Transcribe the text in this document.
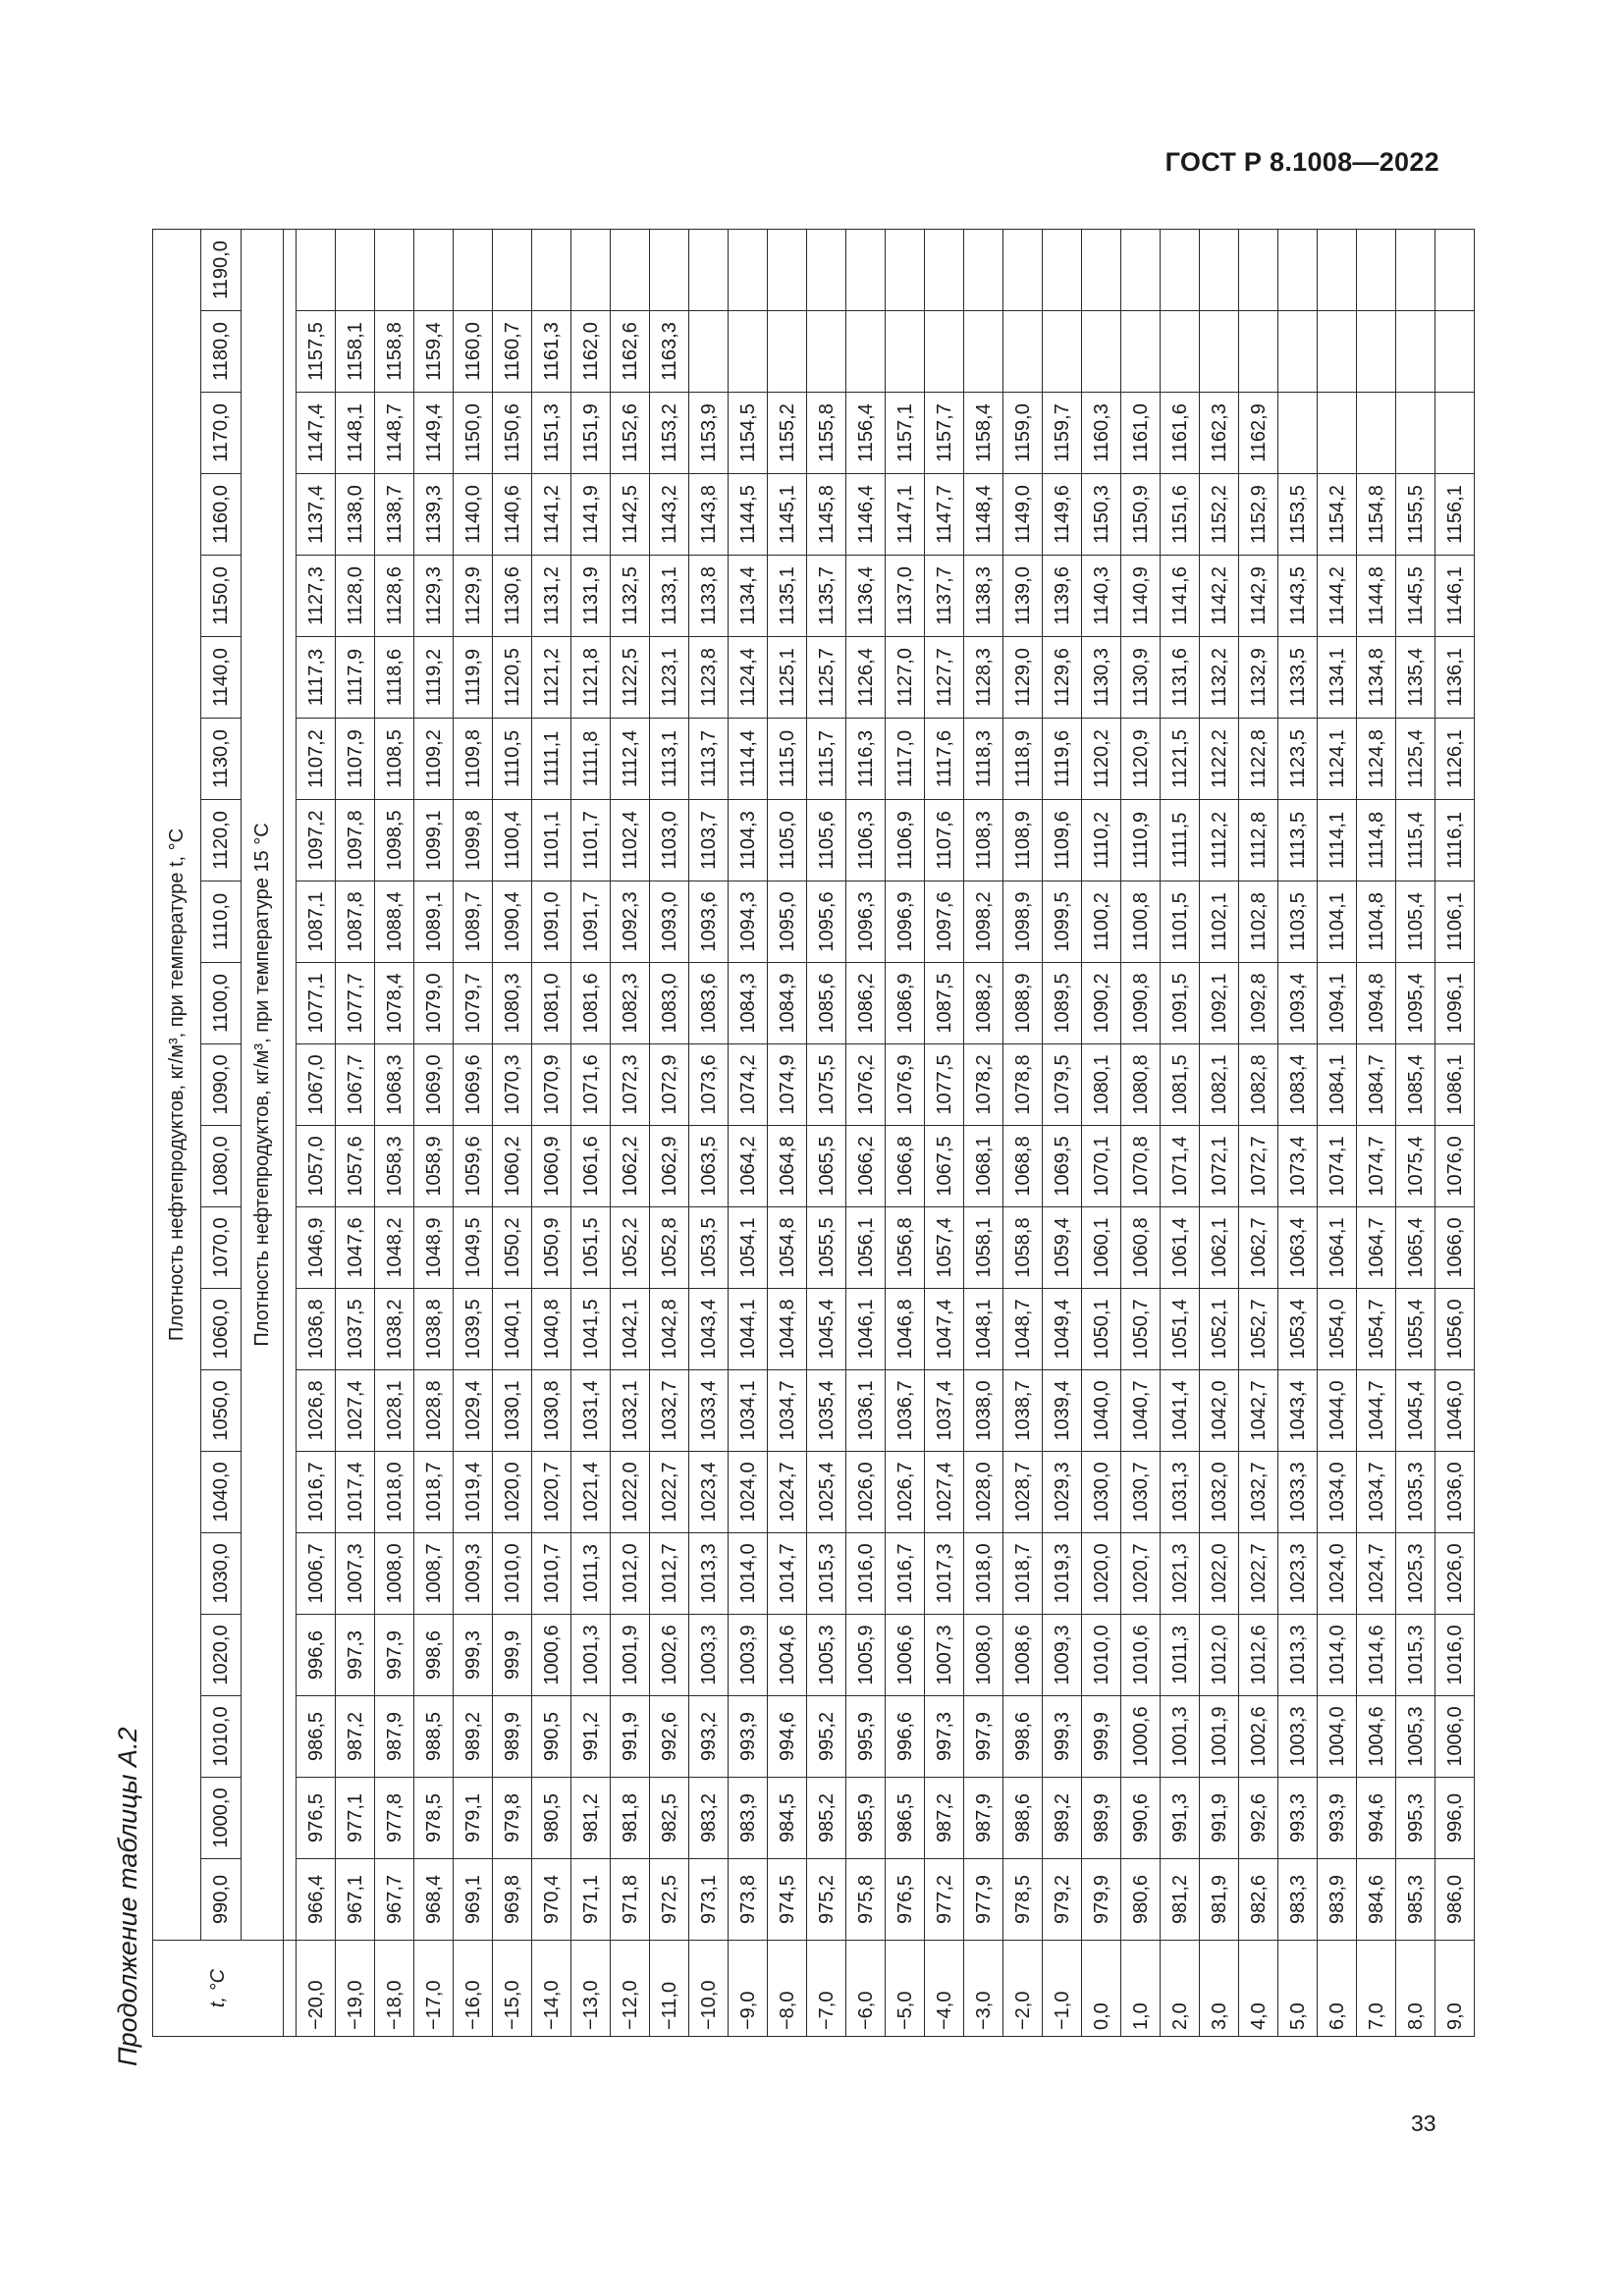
ГОСТ Р 8.1008—2022
33
Продолжение таблицы А.2	t, °C	Плотность нефтепродуктов, кг/м³, при температуре t, °C																				
	990,0	1000,0	1010,0	1020,0	1030,0	1040,0	1050,0	1060,0	1070,0	1080,0	1090,0	1100,0	1110,0	1120,0	1130,0	1140,0	1150,0	1160,0	1170,0	1180,0	1190,0
	Плотность нефтепродуктов, кг/м³, при температуре 15 °C																				

−20,0	966,4	976,5	986,5	996,6	1006,7	1016,7	1026,8	1036,8	1046,9	1057,0	1067,0	1077,1	1087,1	1097,2	1107,2	1117,3	1127,3	1137,4	1147,4	1157,5	
−19,0	967,1	977,1	987,2	997,3	1007,3	1017,4	1027,4	1037,5	1047,6	1057,6	1067,7	1077,7	1087,8	1097,8	1107,9	1117,9	1128,0	1138,0	1148,1	1158,1	
−18,0	967,7	977,8	987,9	997,9	1008,0	1018,0	1028,1	1038,2	1048,2	1058,3	1068,3	1078,4	1088,4	1098,5	1108,5	1118,6	1128,6	1138,7	1148,7	1158,8	
−17,0	968,4	978,5	988,5	998,6	1008,7	1018,7	1028,8	1038,8	1048,9	1058,9	1069,0	1079,0	1089,1	1099,1	1109,2	1119,2	1129,3	1139,3	1149,4	1159,4	
−16,0	969,1	979,1	989,2	999,3	1009,3	1019,4	1029,4	1039,5	1049,5	1059,6	1069,6	1079,7	1089,7	1099,8	1109,8	1119,9	1129,9	1140,0	1150,0	1160,0	
−15,0	969,8	979,8	989,9	999,9	1010,0	1020,0	1030,1	1040,1	1050,2	1060,2	1070,3	1080,3	1090,4	1100,4	1110,5	1120,5	1130,6	1140,6	1150,6	1160,7	
−14,0	970,4	980,5	990,5	1000,6	1010,7	1020,7	1030,8	1040,8	1050,9	1060,9	1070,9	1081,0	1091,0	1101,1	1111,1	1121,2	1131,2	1141,2	1151,3	1161,3	
−13,0	971,1	981,2	991,2	1001,3	1011,3	1021,4	1031,4	1041,5	1051,5	1061,6	1071,6	1081,6	1091,7	1101,7	1111,8	1121,8	1131,9	1141,9	1151,9	1162,0	
−12,0	971,8	981,8	991,9	1001,9	1012,0	1022,0	1032,1	1042,1	1052,2	1062,2	1072,3	1082,3	1092,3	1102,4	1112,4	1122,5	1132,5	1142,5	1152,6	1162,6	
−11,0	972,5	982,5	992,6	1002,6	1012,7	1022,7	1032,7	1042,8	1052,8	1062,9	1072,9	1083,0	1093,0	1103,0	1113,1	1123,1	1133,1	1143,2	1153,2	1163,3	
−10,0	973,1	983,2	993,2	1003,3	1013,3	1023,4	1033,4	1043,4	1053,5	1063,5	1073,6	1083,6	1093,6	1103,7	1113,7	1123,8	1133,8	1143,8	1153,9		
−9,0	973,8	983,9	993,9	1003,9	1014,0	1024,0	1034,1	1044,1	1054,1	1064,2	1074,2	1084,3	1094,3	1104,3	1114,4	1124,4	1134,4	1144,5	1154,5		
−8,0	974,5	984,5	994,6	1004,6	1014,7	1024,7	1034,7	1044,8	1054,8	1064,8	1074,9	1084,9	1095,0	1105,0	1115,0	1125,1	1135,1	1145,1	1155,2		
−7,0	975,2	985,2	995,2	1005,3	1015,3	1025,4	1035,4	1045,4	1055,5	1065,5	1075,5	1085,6	1095,6	1105,6	1115,7	1125,7	1135,7	1145,8	1155,8		
−6,0	975,8	985,9	995,9	1005,9	1016,0	1026,0	1036,1	1046,1	1056,1	1066,2	1076,2	1086,2	1096,3	1106,3	1116,3	1126,4	1136,4	1146,4	1156,4		
−5,0	976,5	986,5	996,6	1006,6	1016,7	1026,7	1036,7	1046,8	1056,8	1066,8	1076,9	1086,9	1096,9	1106,9	1117,0	1127,0	1137,0	1147,1	1157,1		
−4,0	977,2	987,2	997,3	1007,3	1017,3	1027,4	1037,4	1047,4	1057,4	1067,5	1077,5	1087,5	1097,6	1107,6	1117,6	1127,7	1137,7	1147,7	1157,7		
−3,0	977,9	987,9	997,9	1008,0	1018,0	1028,0	1038,0	1048,1	1058,1	1068,1	1078,2	1088,2	1098,2	1108,3	1118,3	1128,3	1138,3	1148,4	1158,4		
−2,0	978,5	988,6	998,6	1008,6	1018,7	1028,7	1038,7	1048,7	1058,8	1068,8	1078,8	1088,9	1098,9	1108,9	1118,9	1129,0	1139,0	1149,0	1159,0		
−1,0	979,2	989,2	999,3	1009,3	1019,3	1029,3	1039,4	1049,4	1059,4	1069,5	1079,5	1089,5	1099,5	1109,6	1119,6	1129,6	1139,6	1149,6	1159,7		
0,0	979,9	989,9	999,9	1010,0	1020,0	1030,0	1040,0	1050,1	1060,1	1070,1	1080,1	1090,2	1100,2	1110,2	1120,2	1130,3	1140,3	1150,3	1160,3		
1,0	980,6	990,6	1000,6	1010,6	1020,7	1030,7	1040,7	1050,7	1060,8	1070,8	1080,8	1090,8	1100,8	1110,9	1120,9	1130,9	1140,9	1150,9	1161,0		
2,0	981,2	991,3	1001,3	1011,3	1021,3	1031,3	1041,4	1051,4	1061,4	1071,4	1081,5	1091,5	1101,5	1111,5	1121,5	1131,6	1141,6	1151,6	1161,6		
3,0	981,9	991,9	1001,9	1012,0	1022,0	1032,0	1042,0	1052,1	1062,1	1072,1	1082,1	1092,1	1102,1	1112,2	1122,2	1132,2	1142,2	1152,2	1162,3		
4,0	982,6	992,6	1002,6	1012,6	1022,7	1032,7	1042,7	1052,7	1062,7	1072,7	1082,8	1092,8	1102,8	1112,8	1122,8	1132,9	1142,9	1152,9	1162,9		
5,0	983,3	993,3	1003,3	1013,3	1023,3	1033,3	1043,4	1053,4	1063,4	1073,4	1083,4	1093,4	1103,5	1113,5	1123,5	1133,5	1143,5	1153,5			
6,0	983,9	993,9	1004,0	1014,0	1024,0	1034,0	1044,0	1054,0	1064,1	1074,1	1084,1	1094,1	1104,1	1114,1	1124,1	1134,1	1144,2	1154,2			
7,0	984,6	994,6	1004,6	1014,6	1024,7	1034,7	1044,7	1054,7	1064,7	1074,7	1084,7	1094,8	1104,8	1114,8	1124,8	1134,8	1144,8	1154,8			
8,0	985,3	995,3	1005,3	1015,3	1025,3	1035,3	1045,4	1055,4	1065,4	1075,4	1085,4	1095,4	1105,4	1115,4	1125,4	1135,4	1145,5	1155,5			
9,0	986,0	996,0	1006,0	1016,0	1026,0	1036,0	1046,0	1056,0	1066,0	1076,0	1086,1	1096,1	1106,1	1116,1	1126,1	1136,1	1146,1	1156,1			
